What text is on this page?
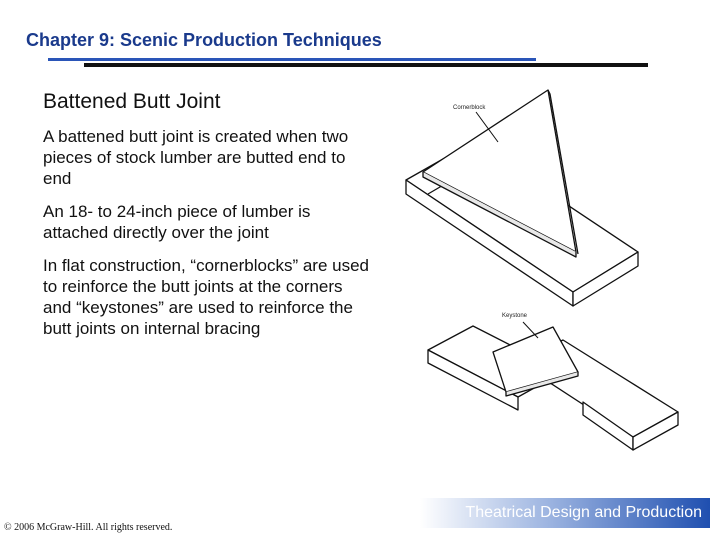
Chapter 9: Scenic Production Techniques
Battened Butt Joint
A battened butt joint is created when two pieces of stock lumber are butted end to end
An 18- to 24-inch piece of lumber is attached directly over the joint
In flat construction, “cornerblocks” are used to reinforce the butt joints at the corners and “keystones” are used to reinforce the butt joints on internal bracing
Cornerblock
Keystone
Theatrical Design and Production
© 2006 McGraw-Hill. All rights reserved.
